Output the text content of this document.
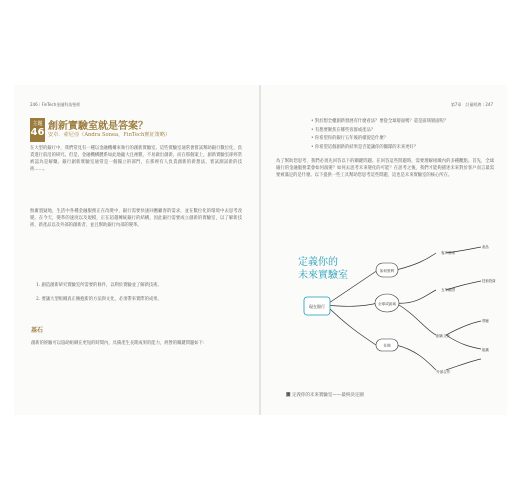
246｜FinTech金融科技聖經	第7章　計量經濟｜247
主題
46
創新實驗室就是答案？
安卓．索尼亞（Andra Sonea，FinTech實征策略）
在大型的銀行中，我們常見有一種以金融機構來執行的創新實驗室。這些實驗室通常會嘗試幫助銀行數位化，負責進行前沿的研究。但是，金融機構體系如此地龐大且複雜，不易做出創新，而在那個案上，創新實驗室卻經常被認為是解藥。銀行創新實驗室通常是一個獨立的部門，在那裡有人負責創新的新想法，嘗試測試新的技術……。
無庸置疑地，生活中各種金融服務正在改變中，銀行需要快速回應顧客的需求，並在數位化的環境中去思考改變。在今天，變革的速度以及規模，正在超越傳統銀行的結構，因此銀行需要成立創新的實驗室，以了解新技術、新產品以及外部的創新者，並且幫助銀行內部的變革。
1. 創造創新研究實驗室所需要的條件，以利於實驗並了解新技術。
2. 要讓大型組織真正擁抱新的方法與文化，必須帶來實際的成果。
基石
創新的經驗可以協助組織在更短的時間內，具備產生長期成果的能力，經營的關鍵問題如下：
• 對於想全權創新發展有什麼看法？要從全球層面嗎？還是區域層面呢？
• 有想要聚焦在哪些客群或產品？
• 你希望你的銀行五年後的樣貌是什麼？
• 你希望這個創新的結果是否能讓你的團隊的未來更好？
為了幫助您思考，我們必須先回答以下的關鍵問題。在回答這些問題時，需要理解組織內的多種觀點。首先，全球銀行的金融服務業會如何演變？如何去思考未來變化的可能？在思考之後，我們才能夠描述未來對於客戶而言最需要被滿足的是什麼。以下提供一些工具幫助您思考這些問題，這也是未來實驗室的核心所在。
定義你的
未來實驗室
現在銀行
如何營利
全球或區域
在地
客戶需求
五年願景
創新文化
外部合作
產品
技術投資
實驗
組織
圖 定義你的未來實驗室——最終決定圖
